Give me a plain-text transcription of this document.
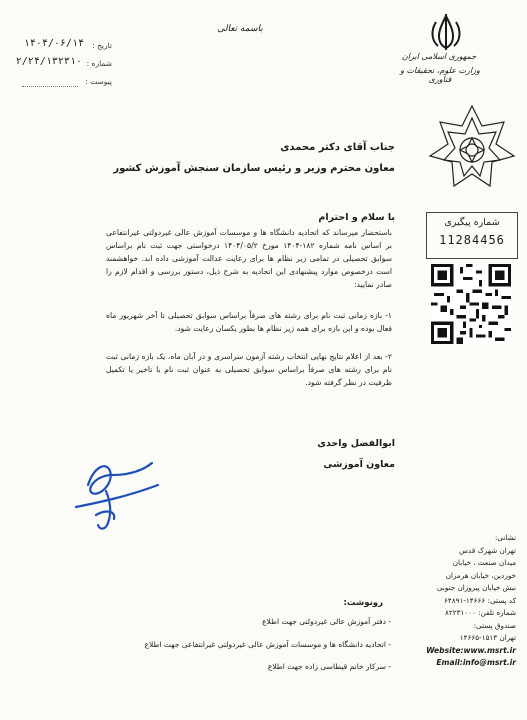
جمهوری اسلامی ایران
وزارت علوم، تحقیقات و فناوری
باسمه تعالی
تاریخ :
۱۴۰۴/۰۶/۱۴
شماره :
۲/۲۴/۱۳۲۳۱۰
پیوست :
جناب آقای دکتر محمدی
معاون محترم وزیر و رئیس سازمان سنجش آموزش کشور
شماره پیگیری
11284456
با سلام و احترام
باستحضار میرساند که اتحادیه دانشگاه ها و موسسات آموزش عالی غیردولتی غیرانتفاعی بر اساس نامه شماره ۱۸۲-۱۴۰۴ مورخ ۱۴۰۴/۰۵/۲ درخواستی جهت ثبت نام براساس سوابق تحصیلی در تمامی زیر نظام ها برای رعایت عدالت آموزشی داده اند. خواهشمند است درخصوص موارد پیشنهادی این اتحادیه به شرح ذیل، دستور بررسی و اقدام لازم را صادر نمایید:
۱- بازه زمانی ثبت نام برای رشته های صرفاً براساس سوابق تحصیلی تا آخر شهریور ماه فعال بوده و این بازه برای همه زیر نظام ها بطور یکسان رعایت شود.
۲- بعد از اعلام نتایج نهایی انتخاب رشته آزمون سراسری و در آبان ماه، یک بازه زمانی ثبت نام برای رشته های صرفاً براساس سوابق تحصیلی به عنوان ثبت نام با تاخیر یا تکمیل ظرفیت در نظر گرفته شود.
ابوالفضل واحدی
معاون آموزشی
نشانی:
تهران شهرک قدس
میدان صنعت ، خیابان
خوردین، خیابان هرمزان
نبش خیابان پیروزان جنوبی
کد پستی: ۱۴۶۶۶-۶۴۸۹۱
شماره تلفن: ۸۲۲۳۱۰۰۰
صندوق پستی:
تهران ۱۵۱۳-۱۴۶۶۵
Website:www.msrt.ir
Email:info@msrt.ir
رونوشت:
- دفتر آموزش عالی غیردولتی جهت اطلاع
- اتحادیه دانشگاه ها و موسسات آموزش عالی غیردولتی غیرانتفاعی جهت اطلاع
- سرکار خانم قیطاسی زاده جهت اطلاع
